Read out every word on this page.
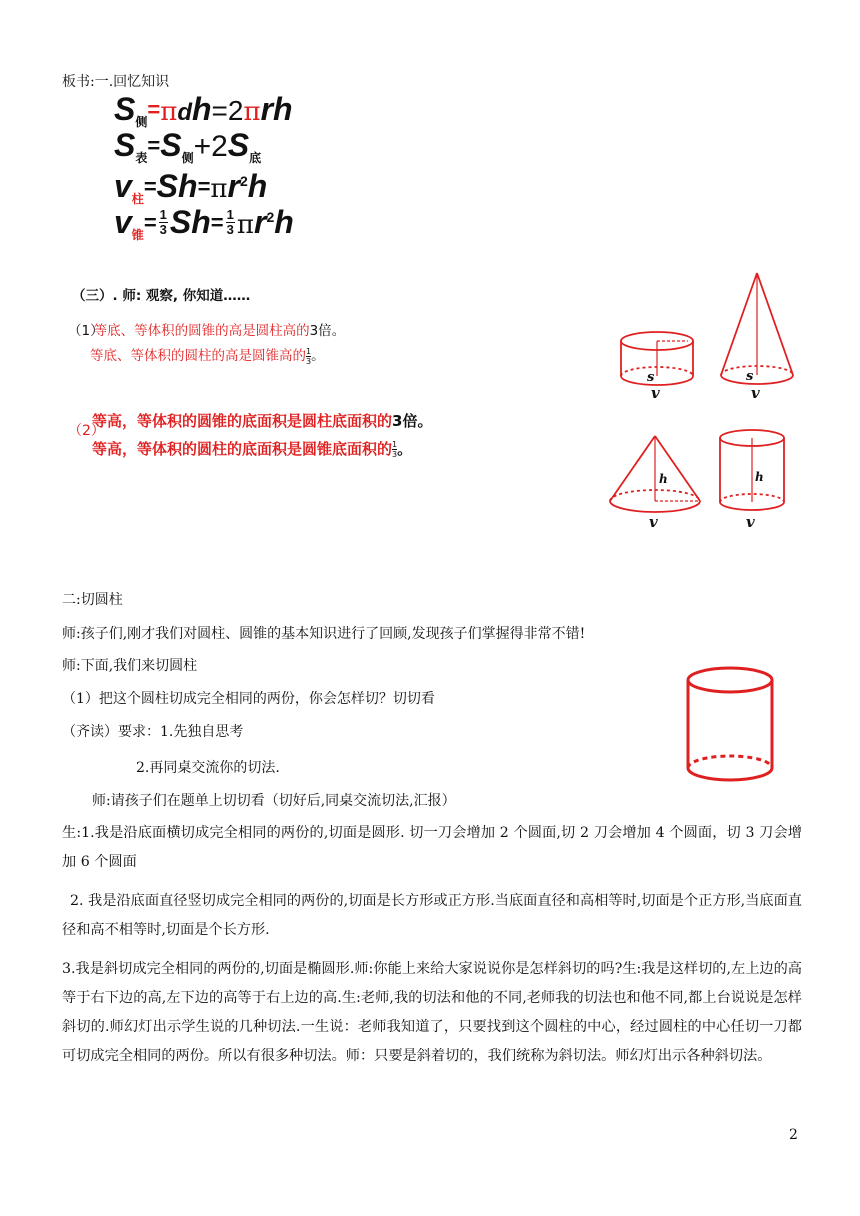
板书:一.回忆知识
$S_侧=\pi dh=2\pi rh$
$S_表=S_侧+2S_底$
$v_柱=Sh=\pi r^2h$
$v_锥= \frac{1}{3} Sh= \frac{1}{3} \pi r^2h$
（三）. 师: 观察, 你知道……
（1）等底、等体积的圆锥的高是圆柱高的3倍。
等底、等体积的圆柱的高是圆锥高的 $\frac{1}{3}$ 。
等高，等体积的圆锥的底面积是圆柱底面积的3倍。
（2）
等高，等体积的圆柱的底面积是圆锥底面积的 $\frac{1}{3}$ 。
s	s
v	v
h	h
v	v
二:切圆柱
师:孩子们,刚才我们对圆柱、圆锥的基本知识进行了回顾,发现孩子们掌握得非常不错!
师:下面,我们来切圆柱
（1）把这个圆柱切成完全相同的两份，你会怎样切？切切看
（齐读）要求：1.先独自思考
2.再同桌交流你的切法.
师:请孩子们在题单上切切看（切好后,同桌交流切法,汇报）
生:1.我是沿底面横切成完全相同的两份的,切面是圆形. 切一刀会增加 2 个圆面,切 2 刀会增加 4 个圆面，切 3 刀会增加 6 个圆面
2. 我是沿底面直径竖切成完全相同的两份的,切面是长方形或正方形.当底面直径和高相等时,切面是个正方形,当底面直径和高不相等时,切面是个长方形.
3.我是斜切成完全相同的两份的,切面是椭圆形.师:你能上来给大家说说你是怎样斜切的吗?生:我是这样切的,左上边的高等于右下边的高,左下边的高等于右上边的高.生:老师,我的切法和他的不同,老师我的切法也和他不同,都上台说说是怎样斜切的.师幻灯出示学生说的几种切法.一生说：老师我知道了，只要找到这个圆柱的中心，经过圆柱的中心任切一刀都可切成完全相同的两份。所以有很多种切法。师：只要是斜着切的，我们统称为斜切法。师幻灯出示各种斜切法。
2
